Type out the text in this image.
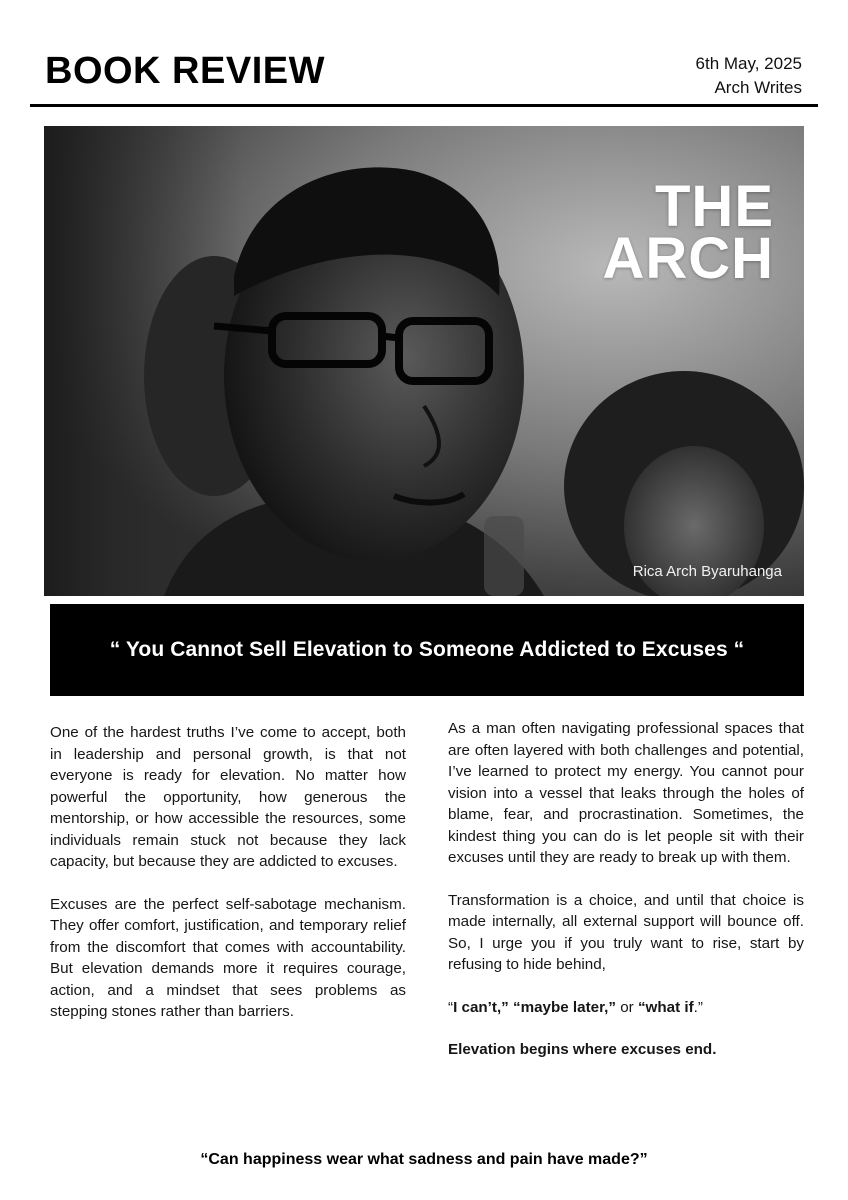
BOOK REVIEW	6th May, 2025
Arch Writes
THE
ARCH
Rica Arch Byaruhanga
“ You Cannot Sell Elevation to Someone Addicted to Excuses “

One of the hardest truths I’ve come to accept, both in leadership and personal growth, is that not everyone is ready for elevation. No matter how powerful the opportunity, how generous the mentorship, or how accessible the resources, some individuals remain stuck not because they lack capacity, but because they are addicted to excuses.

Excuses are the perfect self-sabotage mechanism. They offer comfort, justification, and temporary relief from the discomfort that comes with accountability. But elevation demands more it requires courage, action, and a mindset that sees problems as stepping stones rather than barriers.

As a man often navigating professional spaces that are often layered with both challenges and potential, I’ve learned to protect my energy. You cannot pour vision into a vessel that leaks through the holes of blame, fear, and procrastination. Sometimes, the kindest thing you can do is let people sit with their excuses until they are ready to break up with them.

Transformation is a choice, and until that choice is made internally, all external support will bounce off. So, I urge you if you truly want to rise, start by refusing to hide behind,

“I can’t,” “maybe later,” or “what if.”

Elevation begins where excuses end.

“Can happiness wear what sadness and pain have made?”
